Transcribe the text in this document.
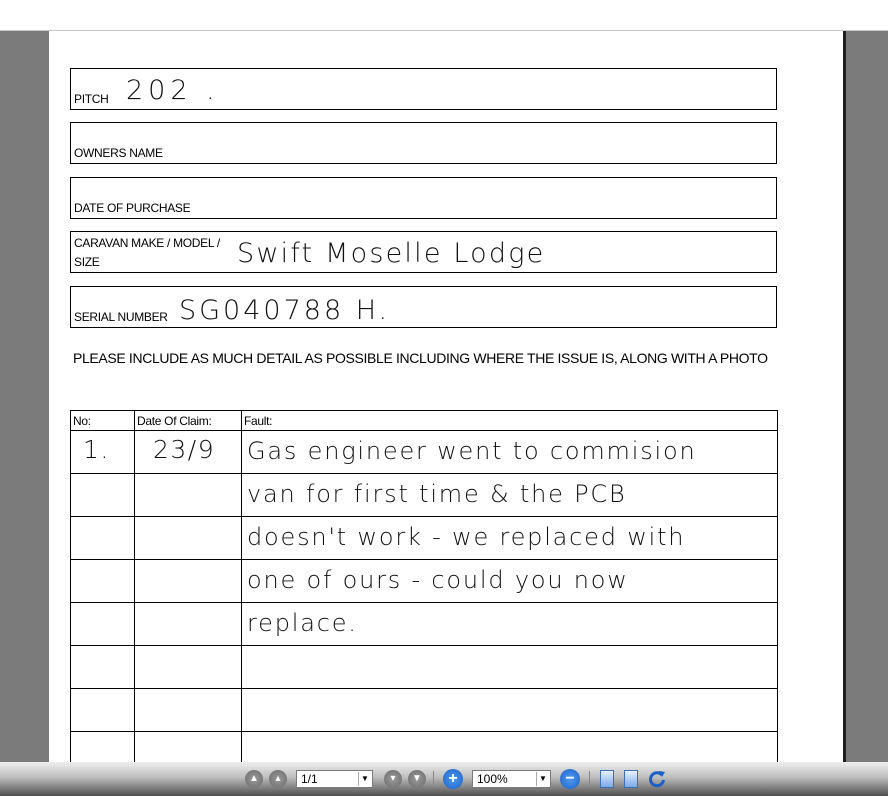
PITCH 202 .
OWNERS NAME
DATE OF PURCHASE
CARAVAN MAKE / MODEL /
SIZE	Swift Moselle Lodge
SERIAL NUMBER SG040788 H.
PLEASE INCLUDE AS MUCH DETAIL AS POSSIBLE INCLUDING WHERE THE ISSUE IS, ALONG WITH A PHOTO
No:	Date Of Claim:	Fault:

1.	23/9	Gas engineer went to commision

		van for first time & the PCB

		doesn't work - we replaced with

		one of ours - could you now

		replace.

▲	▴	1/1	▼	▾	▼	+	100%	▼	−
